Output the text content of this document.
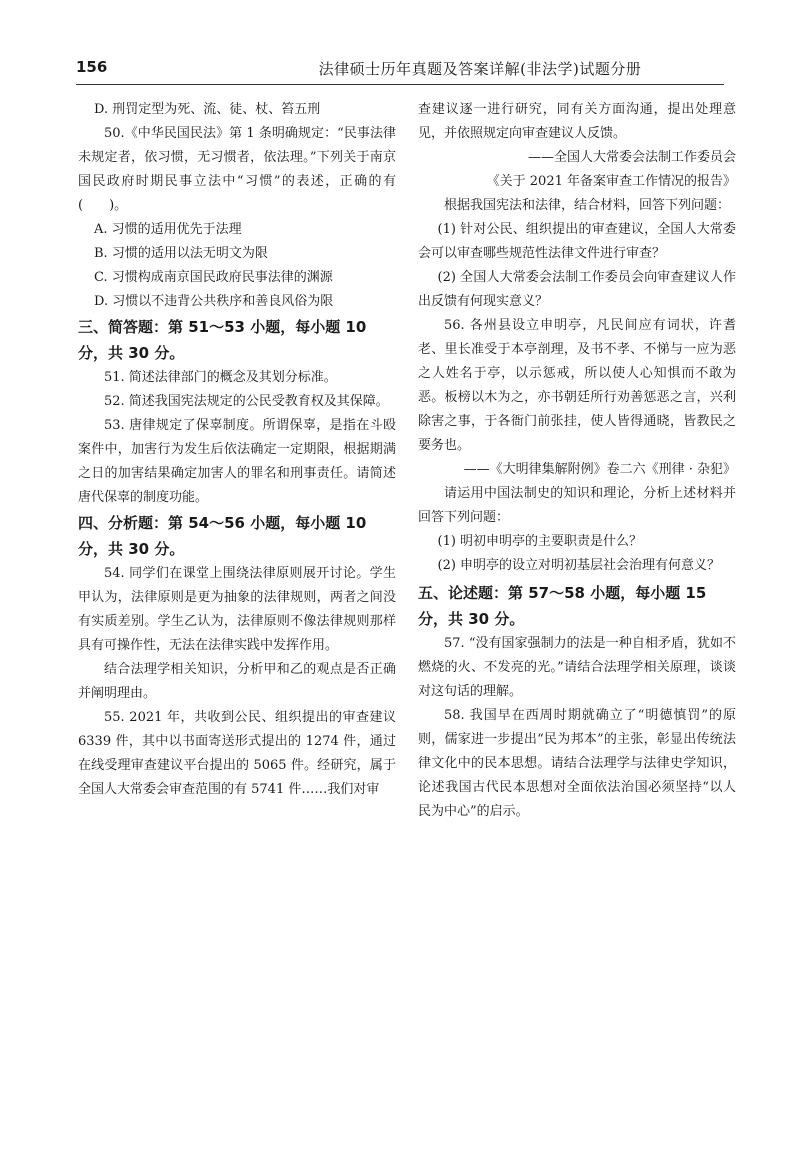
156	法律硕士历年真题及答案详解(非法学)试题分册

D. 刑罚定型为死、流、徒、杖、笞五刑

50.《中华民国民法》第 1 条明确规定：“民事法律未规定者，依习惯，无习惯者，依法理。”下列关于南京国民政府时期民事立法中“习惯”的表述，正确的有(　　)。

A. 习惯的适用优先于法理

B. 习惯的适用以法无明文为限

C. 习惯构成南京国民政府民事法律的渊源

D. 习惯以不违背公共秩序和善良风俗为限

三、简答题：第 51～53 小题，每小题 10 分，共 30 分。

51. 简述法律部门的概念及其划分标准。

52. 简述我国宪法规定的公民受教育权及其保障。

53. 唐律规定了保辜制度。所谓保辜，是指在斗殴案件中，加害行为发生后依法确定一定期限，根据期满之日的加害结果确定加害人的罪名和刑事责任。请简述唐代保辜的制度功能。

四、分析题：第 54～56 小题，每小题 10 分，共 30 分。

54. 同学们在课堂上围绕法律原则展开讨论。学生甲认为，法律原则是更为抽象的法律规则，两者之间没有实质差别。学生乙认为，法律原则不像法律规则那样具有可操作性，无法在法律实践中发挥作用。

结合法理学相关知识，分析甲和乙的观点是否正确并阐明理由。

55. 2021 年，共收到公民、组织提出的审查建议 6339 件，其中以书面寄送形式提出的 1274 件，通过在线受理审查建议平台提出的 5065 件。经研究，属于全国人大常委会审查范围的有 5741 件……我们对审

查建议逐一进行研究，同有关方面沟通，提出处理意见，并依照规定向审查建议人反馈。

——全国人大常委会法制工作委员会

《关于 2021 年备案审查工作情况的报告》

根据我国宪法和法律，结合材料，回答下列问题：

(1) 针对公民、组织提出的审查建议，全国人大常委会可以审查哪些规范性法律文件进行审查？

(2) 全国人大常委会法制工作委员会向审查建议人作出反馈有何现实意义？

56. 各州县设立申明亭，凡民间应有词状，许耆老、里长准受于本亭剖理，及书不孝、不悌与一应为恶之人姓名于亭，以示惩戒，所以使人心知惧而不敢为恶。板榜以木为之，亦书朝廷所行劝善惩恶之言，兴利除害之事，于各衙门前张挂，使人皆得通晓，皆教民之要务也。

——《大明律集解附例》卷二六《刑律 · 杂犯》

请运用中国法制史的知识和理论，分析上述材料并回答下列问题：

(1) 明初申明亭的主要职责是什么？

(2) 申明亭的设立对明初基层社会治理有何意义？

五、论述题：第 57～58 小题，每小题 15 分，共 30 分。

57. “没有国家强制力的法是一种自相矛盾，犹如不燃烧的火、不发亮的光。”请结合法理学相关原理，谈谈对这句话的理解。

58. 我国早在西周时期就确立了“明德慎罚”的原则，儒家进一步提出“民为邦本”的主张，彰显出传统法律文化中的民本思想。请结合法理学与法律史学知识，论述我国古代民本思想对全面依法治国必须坚持“以人民为中心”的启示。
